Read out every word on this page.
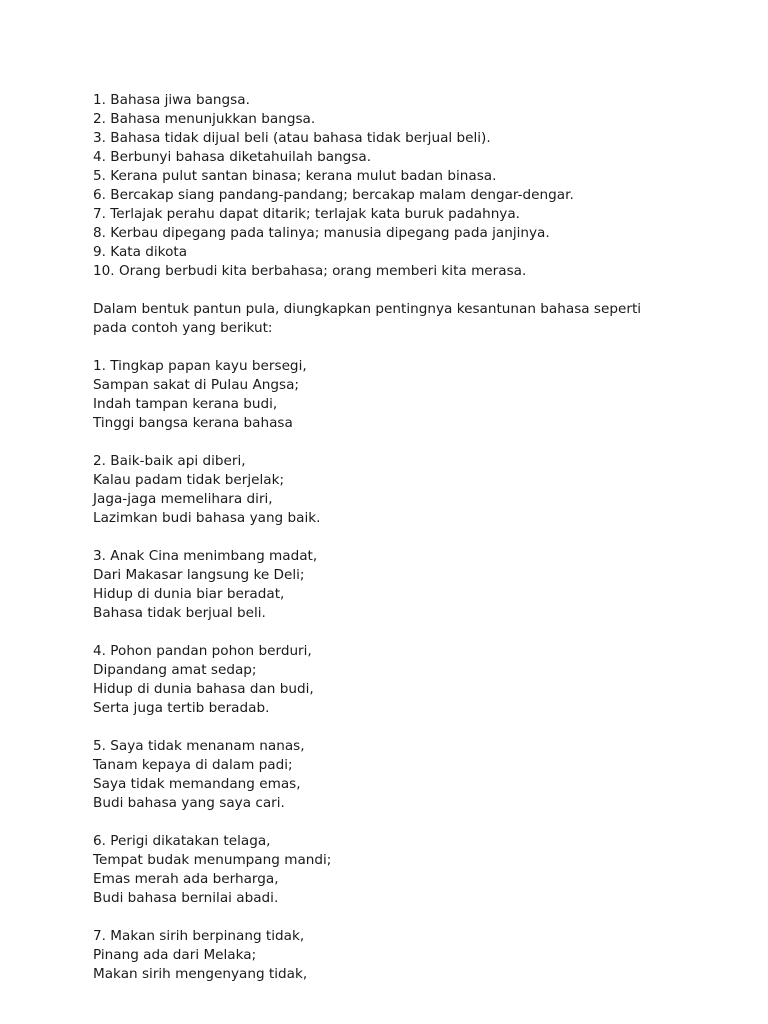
1. Bahasa jiwa bangsa.
2. Bahasa menunjukkan bangsa.
3. Bahasa tidak dijual beli (atau bahasa tidak berjual beli).
4. Berbunyi bahasa diketahuilah bangsa.
5. Kerana pulut santan binasa; kerana mulut badan binasa.
6. Bercakap siang pandang-pandang; bercakap malam dengar-dengar.
7. Terlajak perahu dapat ditarik; terlajak kata buruk padahnya.
8. Kerbau dipegang pada talinya; manusia dipegang pada janjinya.
9. Kata dikota
10. Orang berbudi kita berbahasa; orang memberi kita merasa.
Dalam bentuk pantun pula, diungkapkan pentingnya kesantunan bahasa seperti
pada contoh yang berikut:
1. Tingkap papan kayu bersegi,
Sampan sakat di Pulau Angsa;
Indah tampan kerana budi,
Tinggi bangsa kerana bahasa
2. Baik-baik api diberi,
Kalau padam tidak berjelak;
Jaga-jaga memelihara diri,
Lazimkan budi bahasa yang baik.
3. Anak Cina menimbang madat,
Dari Makasar langsung ke Deli;
Hidup di dunia biar beradat,
Bahasa tidak berjual beli.
4. Pohon pandan pohon berduri,
Dipandang amat sedap;
Hidup di dunia bahasa dan budi,
Serta juga tertib beradab.
5. Saya tidak menanam nanas,
Tanam kepaya di dalam padi;
Saya tidak memandang emas,
Budi bahasa yang saya cari.
6. Perigi dikatakan telaga,
Tempat budak menumpang mandi;
Emas merah ada berharga,
Budi bahasa bernilai abadi.
7. Makan sirih berpinang tidak,
Pinang ada dari Melaka;
Makan sirih mengenyang tidak,
